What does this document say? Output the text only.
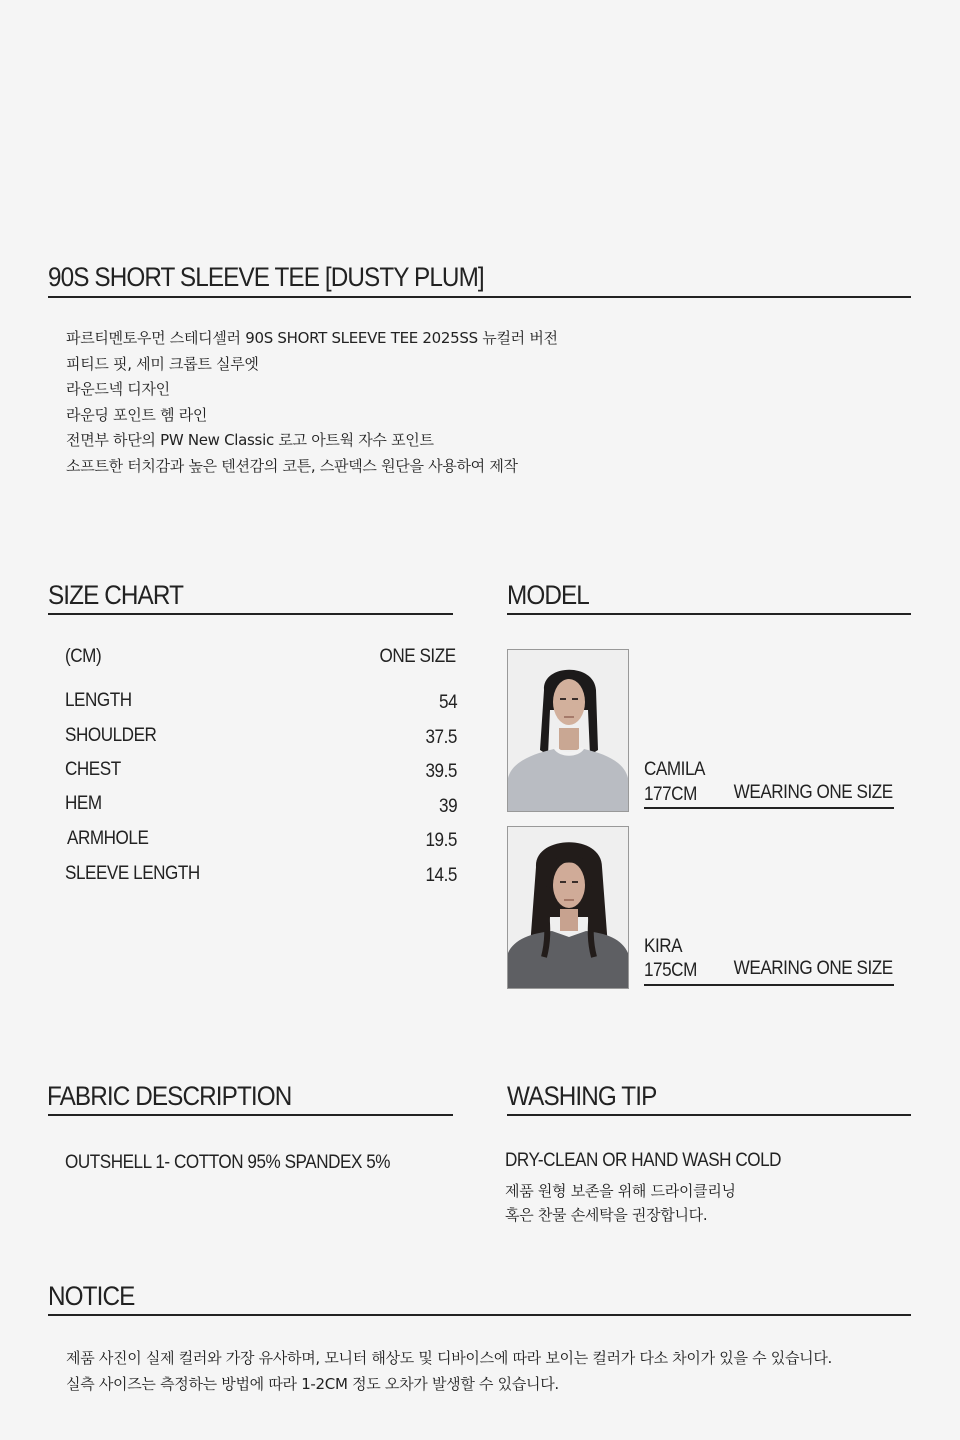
90S SHORT SLEEVE TEE [DUSTY PLUM]
파르티멘토우먼 스테디셀러 90S SHORT SLEEVE TEE 2025SS 뉴컬러 버전
피티드 핏, 세미 크롭트 실루엣
라운드넥 디자인
라운딩 포인트 헴 라인
전면부 하단의 PW New Classic 로고 아트웍 자수 포인트
소프트한 터치감과 높은 텐션감의 코튼, 스판덱스 원단을 사용하여 제작
SIZE CHART
(CM)	ONE SIZE
LENGTH	54
SHOULDER	37.5
CHEST	39.5
HEM	39
ARMHOLE	19.5
SLEEVE LENGTH	14.5
MODEL
CAMILA
177CM WEARING ONE SIZE
KIRA
175CM WEARING ONE SIZE
FABRIC DESCRIPTION
OUTSHELL 1- COTTON 95% SPANDEX 5%
WASHING TIP
DRY-CLEAN OR HAND WASH COLD
제품 원형 보존을 위해 드라이클리닝
혹은 찬물 손세탁을 권장합니다.
NOTICE
제품 사진이 실제 컬러와 가장 유사하며, 모니터 해상도 및 디바이스에 따라 보이는 컬러가 다소 차이가 있을 수 있습니다.
실측 사이즈는 측정하는 방법에 따라 1-2CM 정도 오차가 발생할 수 있습니다.
